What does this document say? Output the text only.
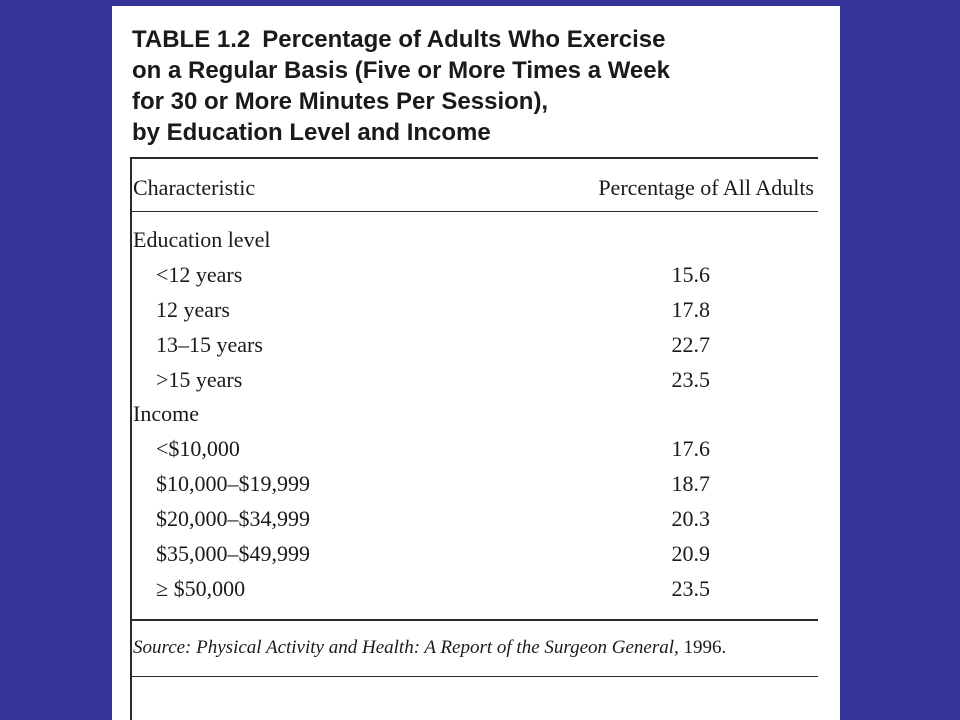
TABLE 1.2 Percentage of Adults Who Exercise
on a Regular Basis (Five or More Times a Week
for 30 or More Minutes Per Session),
by Education Level and Income
Characteristic	Percentage of All Adults
Education level
<12 years	15.6
12 years	17.8
13–15 years	22.7
>15 years	23.5
Income
<$10,000	17.6
$10,000–$19,999	18.7
$20,000–$34,999	20.3
$35,000–$49,999	20.9
≥ $50,000	23.5
Source: Physical Activity and Health: A Report of the Surgeon General, 1996.
